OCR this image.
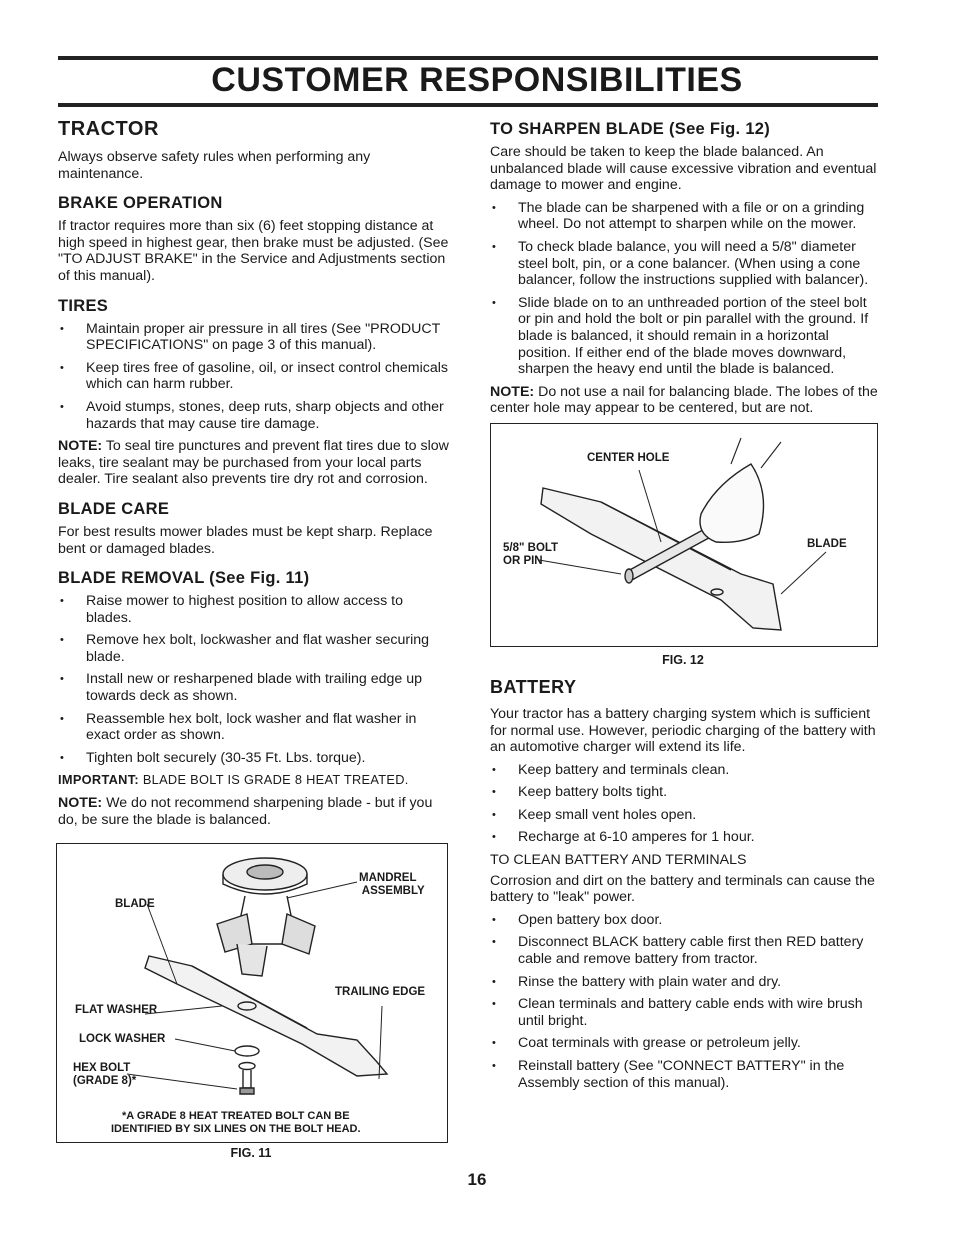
CUSTOMER RESPONSIBILITIES
TRACTOR

Always observe safety rules when performing any maintenance.

BRAKE OPERATION

If tractor requires more than six (6) feet stopping distance at high speed in highest gear, then brake must be adjusted. (See "TO ADJUST BRAKE" in the Service and Adjustments section of this manual).

TIRES
• Maintain proper air pressure in all tires (See "PRODUCT SPECIFICATIONS" on page 3 of this manual).
• Keep tires free of gasoline, oil, or insect control chemicals which can harm rubber.
• Avoid stumps, stones, deep ruts, sharp objects and other hazards that may cause tire damage.

NOTE: To seal tire punctures and prevent flat tires due to slow leaks, tire sealant may be purchased from your local parts dealer. Tire sealant also prevents tire dry rot and corrosion.

BLADE CARE

For best results mower blades must be kept sharp. Replace bent or damaged blades.

BLADE REMOVAL (See Fig. 11)
• Raise mower to highest position to allow access to blades.
• Remove hex bolt, lockwasher and flat washer securing blade.
• Install new or resharpened blade with trailing edge up towards deck as shown.
• Reassemble hex bolt, lock washer and flat washer in exact order as shown.
• Tighten bolt securely (30-35 Ft. Lbs. torque).

IMPORTANT: BLADE BOLT IS GRADE 8 HEAT TREATED.

NOTE: We do not recommend sharpening blade - but if you do, be sure the blade is balanced.

MANDREL
ASSEMBLY
BLADE
TRAILING EDGE
FLAT WASHER
LOCK WASHER
HEX BOLT
(GRADE 8)*
*A GRADE 8 HEAT TREATED BOLT CAN BE
IDENTIFIED BY SIX LINES ON THE BOLT HEAD.
FIG. 11
TO SHARPEN BLADE (See Fig. 12)

Care should be taken to keep the blade balanced. An unbalanced blade will cause excessive vibration and eventual damage to mower and engine.

• The blade can be sharpened with a file or on a grinding wheel. Do not attempt to sharpen while on the mower.
• To check blade balance, you will need a 5/8" diameter steel bolt, pin, or a cone balancer. (When using a cone balancer, follow the instructions supplied with balancer).
• Slide blade on to an unthreaded portion of the steel bolt or pin and hold the bolt or pin parallel with the ground. If blade is balanced, it should remain in a horizontal position. If either end of the blade moves downward, sharpen the heavy end until the blade is balanced.

NOTE: Do not use a nail for balancing blade. The lobes of the center hole may appear to be centered, but are not.

CENTER HOLE
5/8" BOLT
OR PIN
BLADE
FIG. 12
BATTERY

Your tractor has a battery charging system which is sufficient for normal use. However, periodic charging of the battery with an automotive charger will extend its life.

• Keep battery and terminals clean.
• Keep battery bolts tight.
• Keep small vent holes open.
• Recharge at 6-10 amperes for 1 hour.

TO CLEAN BATTERY AND TERMINALS

Corrosion and dirt on the battery and terminals can cause the battery to "leak" power.

• Open battery box door.
• Disconnect BLACK battery cable first then RED battery cable and remove battery from tractor.
• Rinse the battery with plain water and dry.
• Clean terminals and battery cable ends with wire brush until bright.
• Coat terminals with grease or petroleum jelly.
• Reinstall battery (See "CONNECT BATTERY" in the Assembly section of this manual).
16
